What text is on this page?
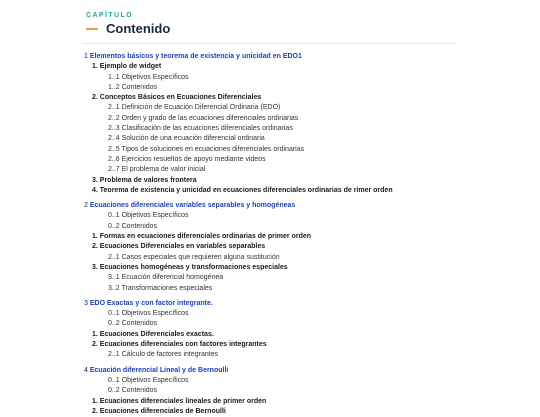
CAPÍTULO
Contenido
1 Elementos básicos y teorema de existencia y unicidad en EDO1
1. Ejemplo de widget
1..1 Objetivos Específicos
1..2 Contenidos
2. Conceptos Básicos en Ecuaciones Diferenciales
2..1 Definición de Ecuación Diferencial Ordinaria (EDO)
2..2 Orden y grado de las ecuaciones diferenciales ordinarias
2..3 Clasificación de las ecuaciones diferenciales ordinarias
2..4 Solución de una ecuación diferencial ordinaria
2..5 Tipos de soluciones en ecuaciones diferenciales ordinarias
2..6 Ejercicios resueltos de apoyo mediante videos
2..7 El problema de valor inicial
3. Problema de valores frontera
4. Teorema de existencia y unicidad en ecuaciones diferenciales ordinarias de rimer orden
2 Ecuaciones diferenciales variables separables y homogéneas
0..1 Objetivos Específicos
0..2 Contenidos
1. Formas en ecuaciones diferenciales ordinarias de primer orden
2. Ecuaciones Diferenciales en variables separables
2..1 Casos especiales que requieren alguna sustitución
3. Ecuaciones homogéneas y transformaciones especiales
3..1 Ecuación diferencial homogénea
3..2 Transformaciones especiales
3 EDO Exactas y con factor integrante.
0..1 Objetivos Específicos
0..2 Contenidos
1. Ecuaciones Diferenciales exactas.
2. Ecuaciones diferenciales con factores integrantes
2..1 Cálculo de factores integrantes
4 Ecuación diferencial Lineal y de Bernoulli
0..1 Objetivos Específicos
0..2 Contenidos
1. Ecuaciones diferenciales lineales de primer orden
2. Ecuaciones diferenciales de Bernoulli
